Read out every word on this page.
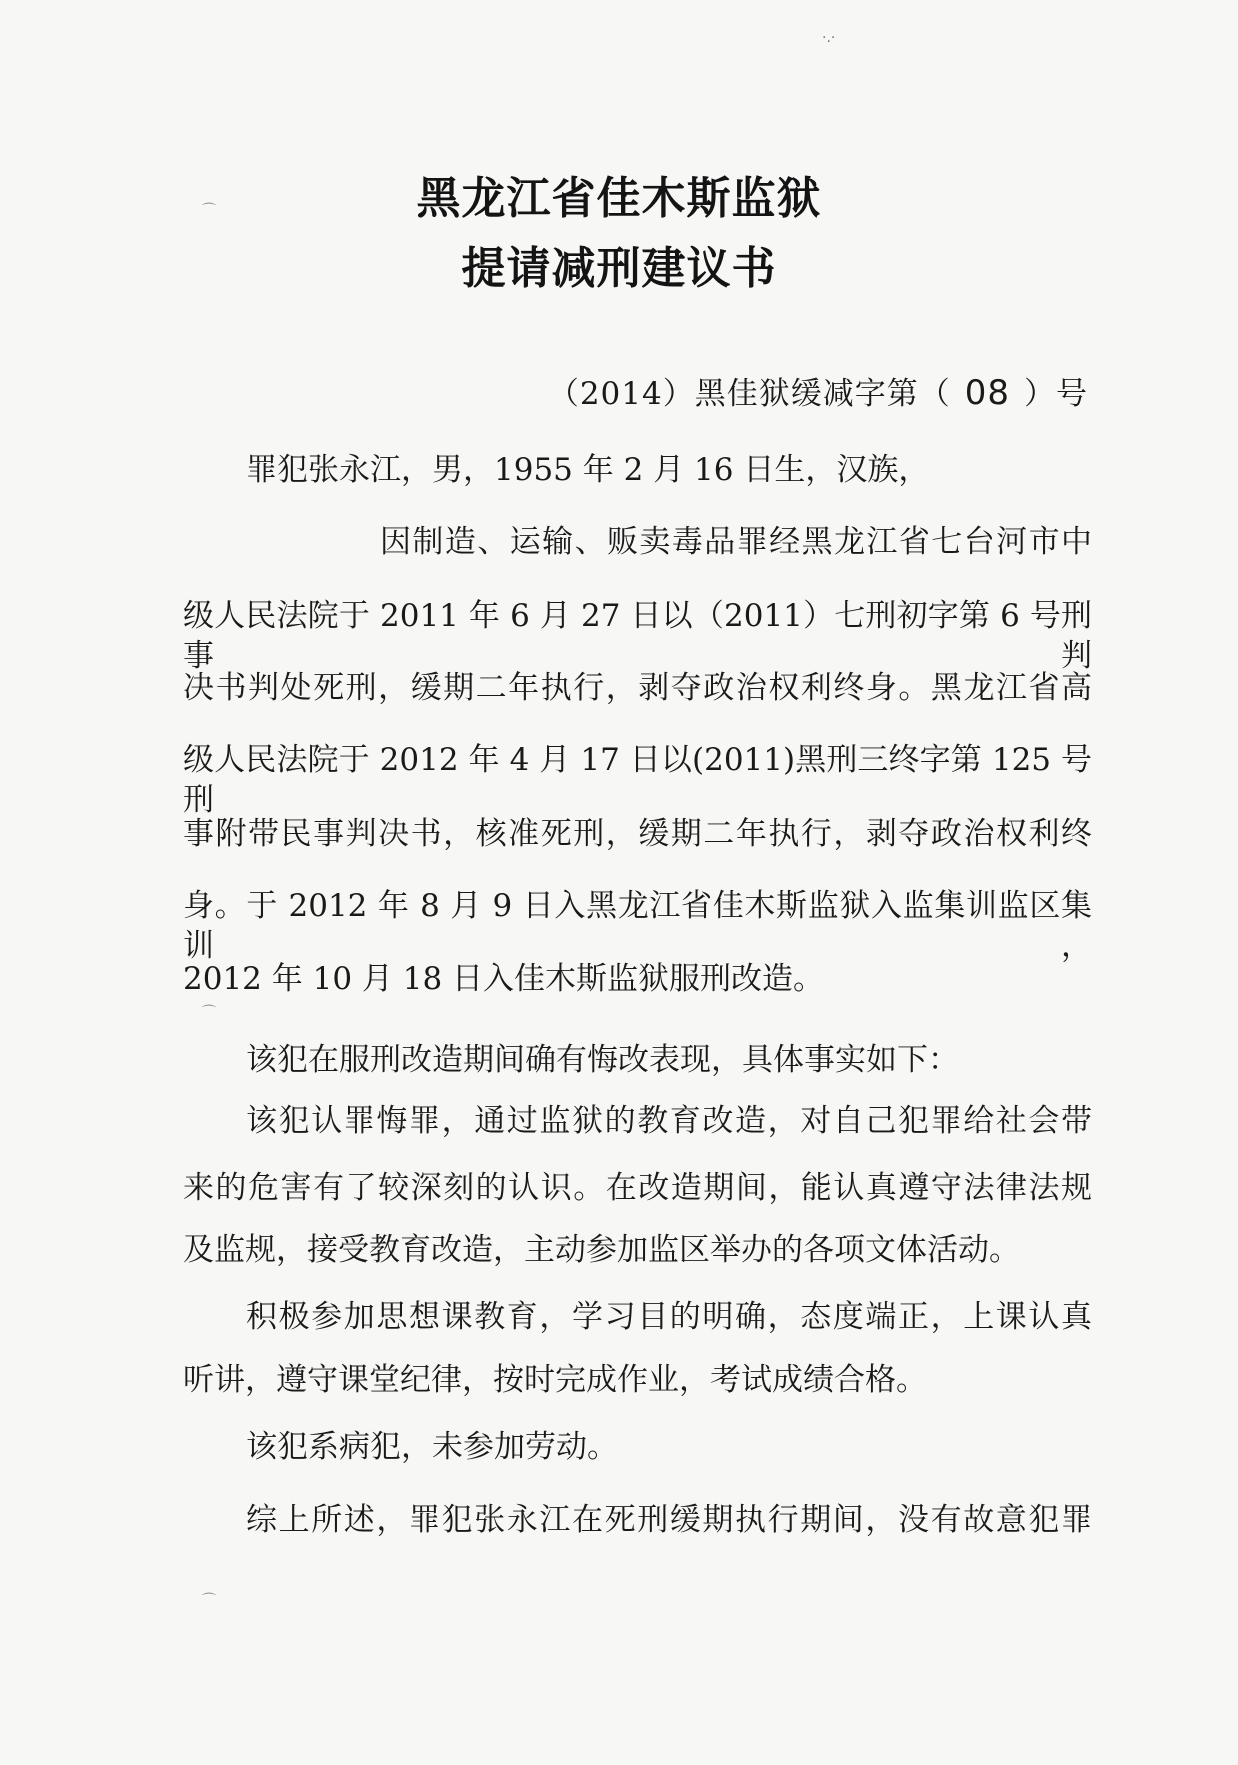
黑龙江省佳木斯监狱
提请减刑建议书
（2014）黑佳狱缓减字第（ 08 ）号
罪犯张永江，男，1955 年 2 月 16 日生，汉族，
因制造、运输、贩卖毒品罪经黑龙江省七台河市中
级人民法院于 2011 年 6 月 27 日以（2011）七刑初字第 6 号刑事判
决书判处死刑，缓期二年执行，剥夺政治权利终身。黑龙江省高
级人民法院于 2012 年 4 月 17 日以(2011)黑刑三终字第 125 号刑
事附带民事判决书，核准死刑，缓期二年执行，剥夺政治权利终
身。于 2012 年 8 月 9 日入黑龙江省佳木斯监狱入监集训监区集训，
2012 年 10 月 18 日入佳木斯监狱服刑改造。
该犯在服刑改造期间确有悔改表现，具体事实如下：
该犯认罪悔罪，通过监狱的教育改造，对自己犯罪给社会带
来的危害有了较深刻的认识。在改造期间，能认真遵守法律法规
及监规，接受教育改造，主动参加监区举办的各项文体活动。
积极参加思想课教育，学习目的明确，态度端正，上课认真
听讲，遵守课堂纪律，按时完成作业，考试成绩合格。
该犯系病犯，未参加劳动。
综上所述，罪犯张永江在死刑缓期执行期间，没有故意犯罪
⌒
⌒
⌒
·.·
